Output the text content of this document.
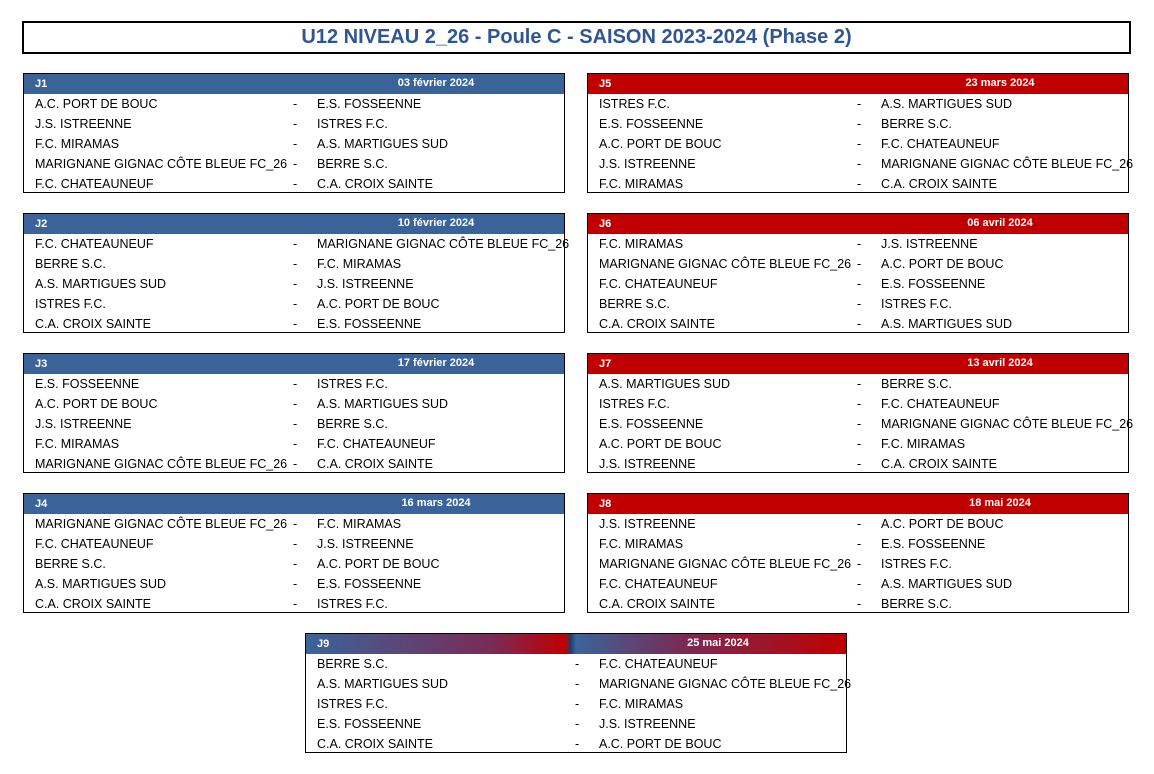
U12 NIVEAU 2_26 - Poule C - SAISON 2023-2024 (Phase 2)
J1	03 février 2024
A.C. PORT DE BOUC	- E.S. FOSSEENNE
J.S. ISTREENNE	- ISTRES F.C.
F.C. MIRAMAS	- A.S. MARTIGUES SUD
MARIGNANE GIGNAC CÔTE BLEUE FC_26 - BERRE S.C.
F.C. CHATEAUNEUF	- C.A. CROIX SAINTE
J5	23 mars 2024
ISTRES F.C.	- A.S. MARTIGUES SUD
E.S. FOSSEENNE	- BERRE S.C.
A.C. PORT DE BOUC	- F.C. CHATEAUNEUF
J.S. ISTREENNE	- MARIGNANE GIGNAC CÔTE BLEUE FC_26
F.C. MIRAMAS	- C.A. CROIX SAINTE
J2	10 février 2024
F.C. CHATEAUNEUF	- MARIGNANE GIGNAC CÔTE BLEUE FC_26
BERRE S.C.	- F.C. MIRAMAS
A.S. MARTIGUES SUD	- J.S. ISTREENNE
ISTRES F.C.	- A.C. PORT DE BOUC
C.A. CROIX SAINTE	- E.S. FOSSEENNE
J6	06 avril 2024
F.C. MIRAMAS	- J.S. ISTREENNE
MARIGNANE GIGNAC CÔTE BLEUE FC_26 - A.C. PORT DE BOUC
F.C. CHATEAUNEUF	- E.S. FOSSEENNE
BERRE S.C.	- ISTRES F.C.
C.A. CROIX SAINTE	- A.S. MARTIGUES SUD
J3	17 février 2024
E.S. FOSSEENNE	- ISTRES F.C.
A.C. PORT DE BOUC	- A.S. MARTIGUES SUD
J.S. ISTREENNE	- BERRE S.C.
F.C. MIRAMAS	- F.C. CHATEAUNEUF
MARIGNANE GIGNAC CÔTE BLEUE FC_26 - C.A. CROIX SAINTE
J7	13 avril 2024
A.S. MARTIGUES SUD	- BERRE S.C.
ISTRES F.C.	- F.C. CHATEAUNEUF
E.S. FOSSEENNE	- MARIGNANE GIGNAC CÔTE BLEUE FC_26
A.C. PORT DE BOUC	- F.C. MIRAMAS
J.S. ISTREENNE	- C.A. CROIX SAINTE
J4	16 mars 2024
MARIGNANE GIGNAC CÔTE BLEUE FC_26 - F.C. MIRAMAS
F.C. CHATEAUNEUF	- J.S. ISTREENNE
BERRE S.C.	- A.C. PORT DE BOUC
A.S. MARTIGUES SUD	- E.S. FOSSEENNE
C.A. CROIX SAINTE	- ISTRES F.C.
J8	18 mai 2024
J.S. ISTREENNE	- A.C. PORT DE BOUC
F.C. MIRAMAS	- E.S. FOSSEENNE
MARIGNANE GIGNAC CÔTE BLEUE FC_26 - ISTRES F.C.
F.C. CHATEAUNEUF	- A.S. MARTIGUES SUD
C.A. CROIX SAINTE	- BERRE S.C.
J9	25 mai 2024
BERRE S.C.	- F.C. CHATEAUNEUF
A.S. MARTIGUES SUD	- MARIGNANE GIGNAC CÔTE BLEUE FC_26
ISTRES F.C.	- F.C. MIRAMAS
E.S. FOSSEENNE	- J.S. ISTREENNE
C.A. CROIX SAINTE	- A.C. PORT DE BOUC
